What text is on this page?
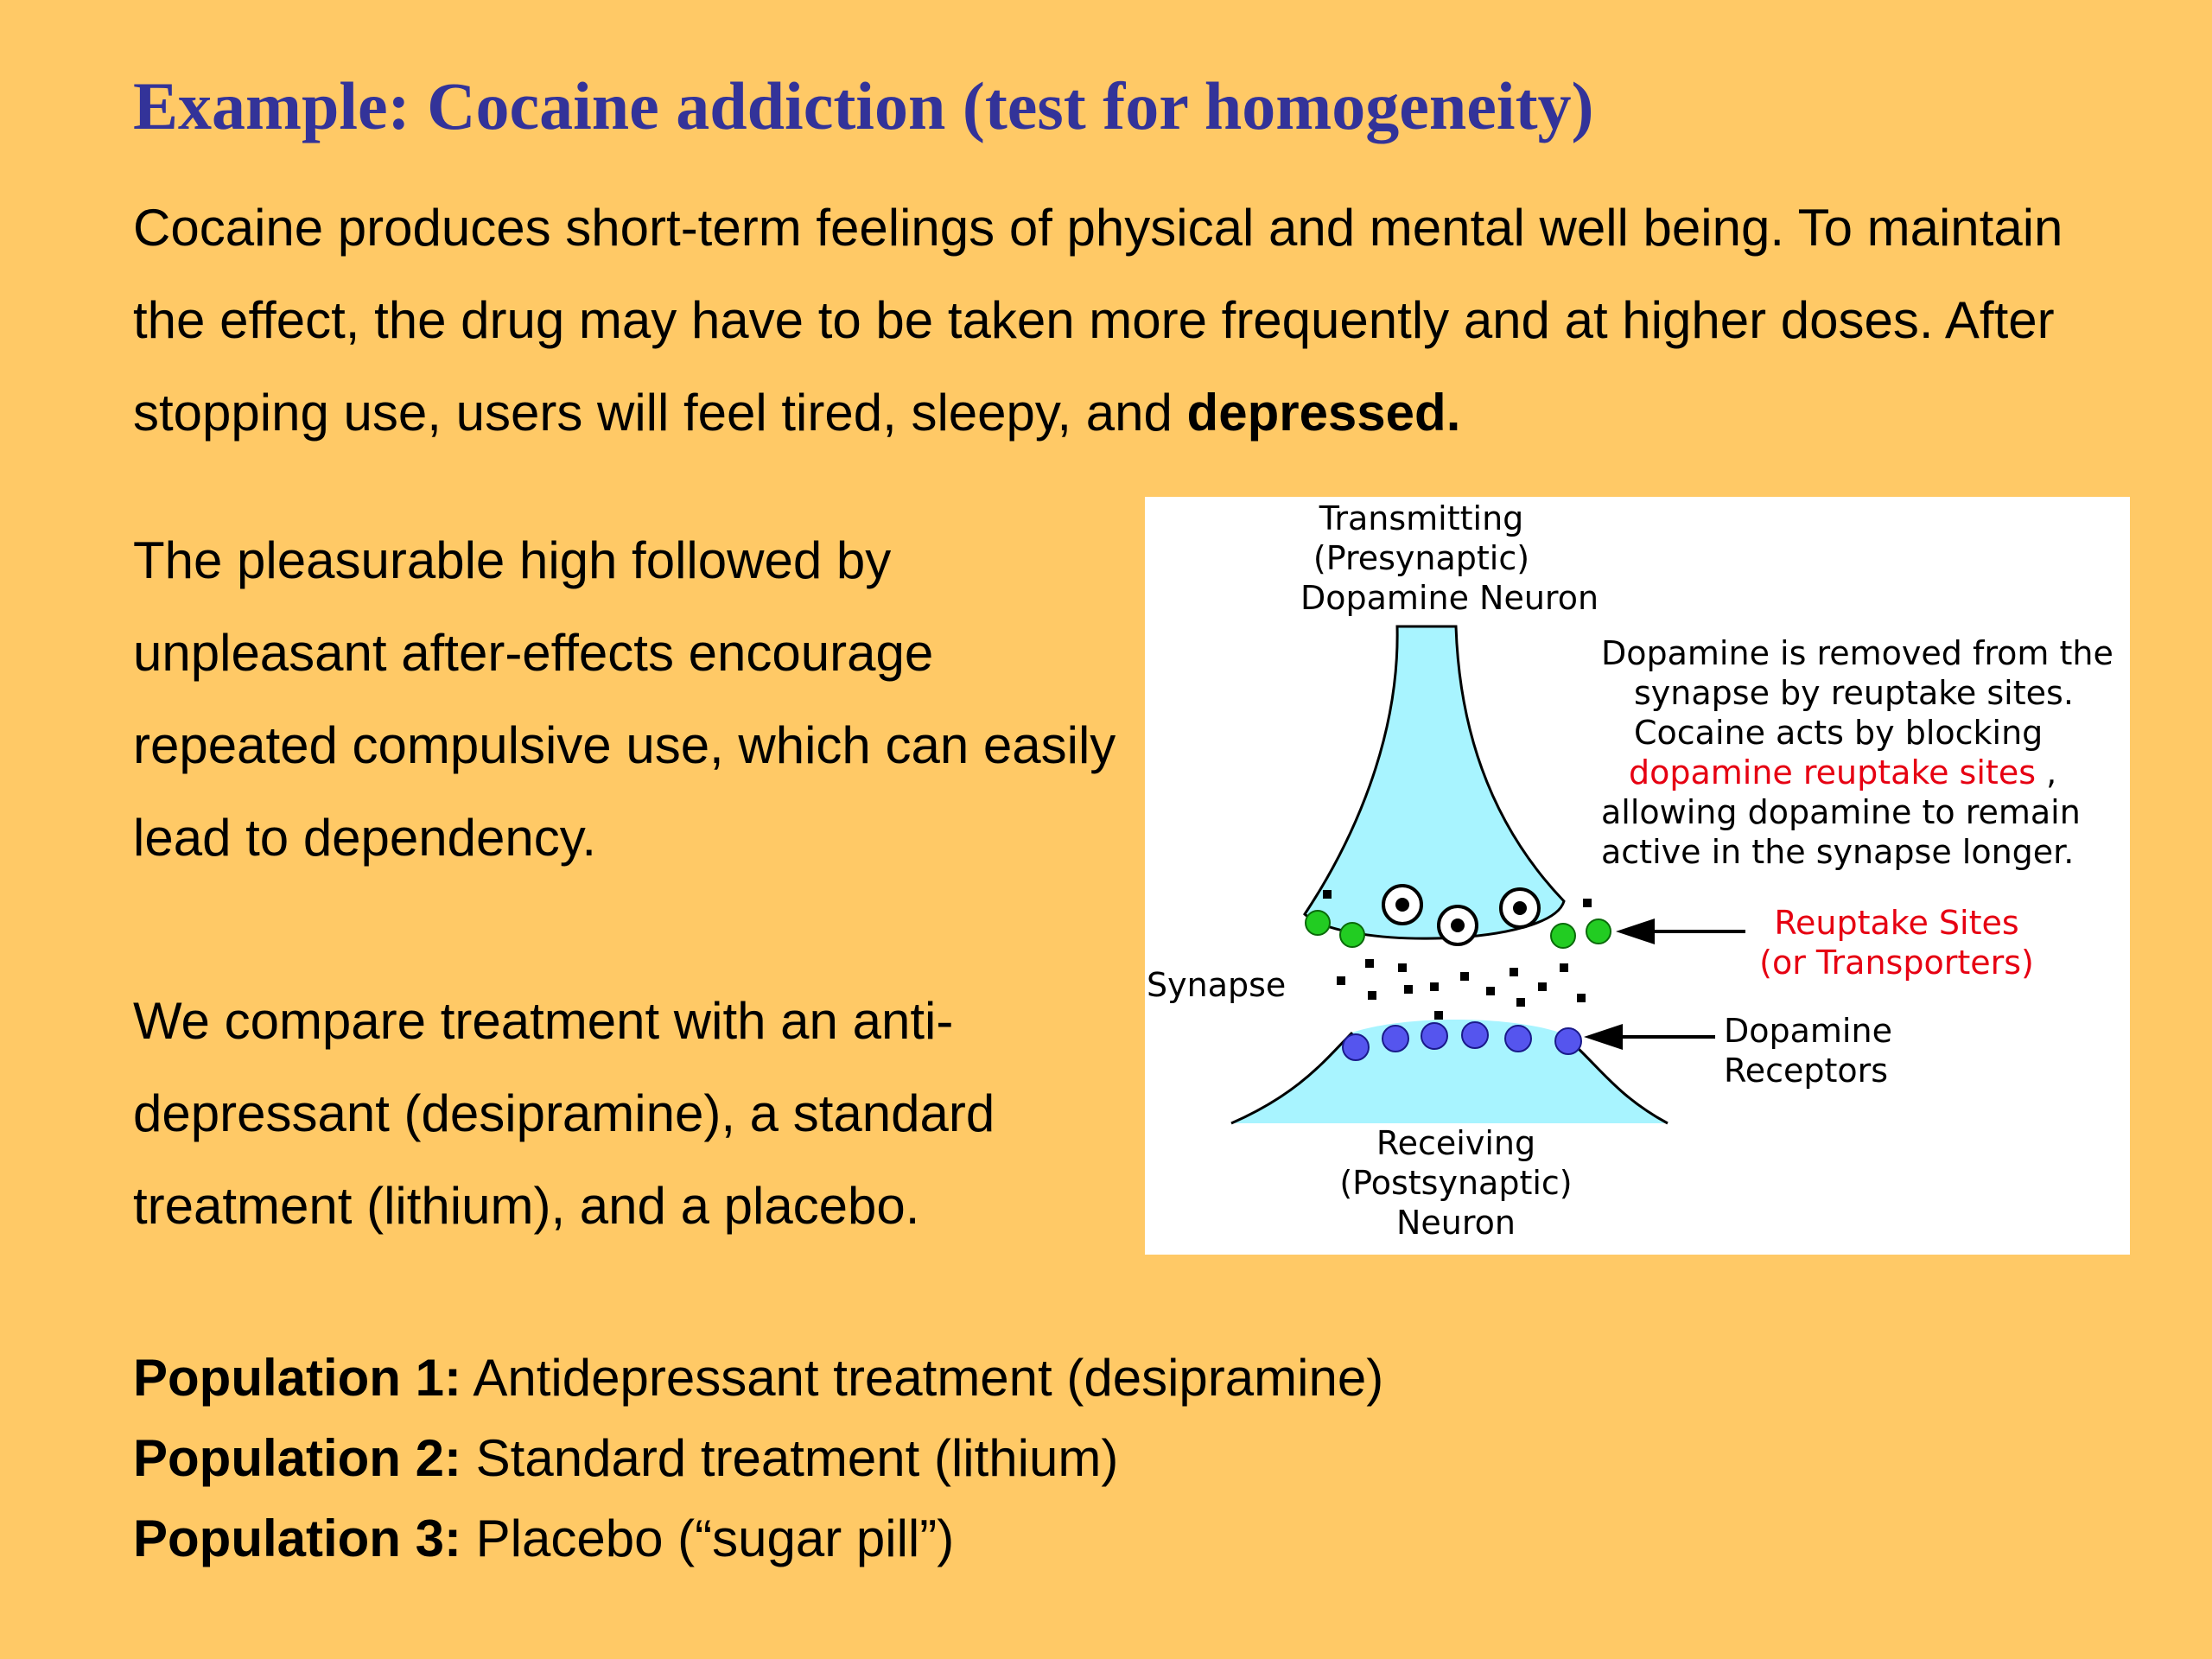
Example: Cocaine addiction (test for homogeneity)

Cocaine produces short-term feelings of physical and mental well being. To maintain the effect, the drug may have to be taken more frequently and at higher doses. After stopping use, users will feel tired, sleepy, and depressed.

The pleasurable high followed by unpleasant after-effects encourage repeated compulsive use, which can easily lead to dependency.

We compare treatment with an anti-depressant (desipramine), a standard treatment (lithium), and a placebo.

Population 1: Antidepressant treatment (desipramine)
Population 2: Standard treatment (lithium)
Population 3: Placebo (“sugar pill”)
Transmitting
(Presynaptic)
Dopamine Neuron
Dopamine is removed from the
synapse by reuptake sites.
Cocaine acts by blocking
dopamine reuptake sites ,
allowing dopamine to remain
active in the synapse longer.
Reuptake Sites
(or Transporters)
Synapse
Dopamine
Receptors
Receiving
(Postsynaptic)
Neuron
